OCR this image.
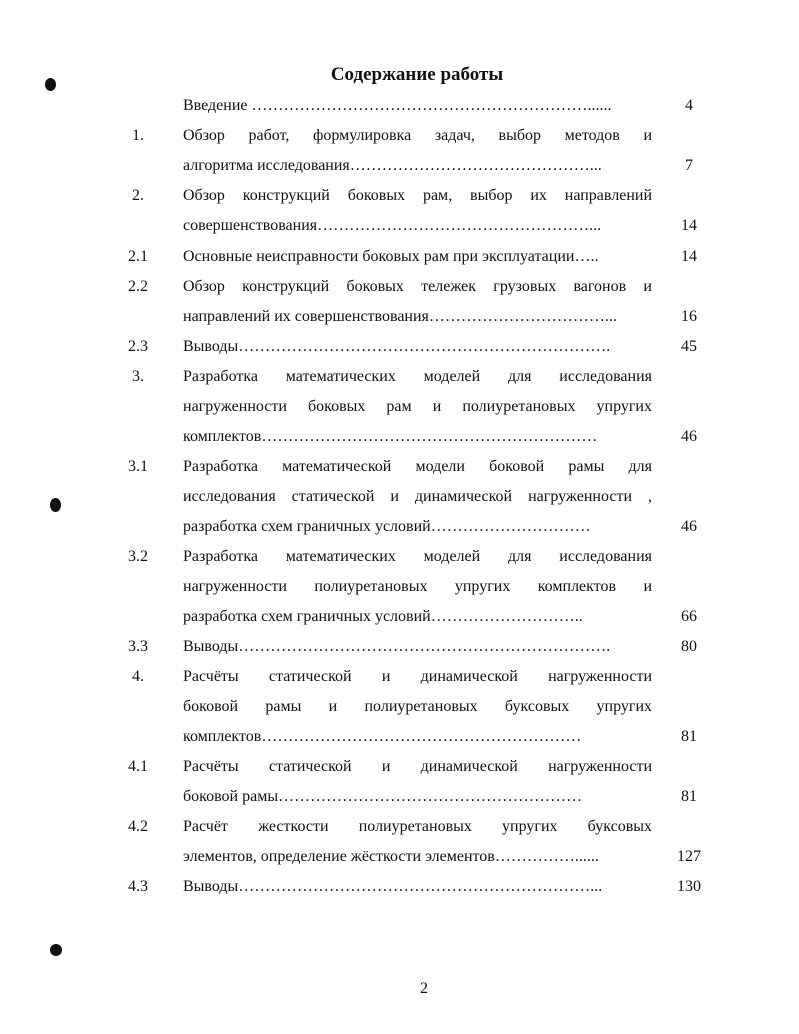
Содержание работы
Введение ………………………………………………………......	4
1.	Обзор работ, формулировка задач, выбор методов и
алгоритма исследования………………………………………...	7
2.	Обзор конструкций боковых рам, выбор их направлений
совершенствования……………………………………………...	14
2.1	Основные неисправности боковых рам при эксплуатации…..	14
2.2	Обзор конструкций боковых тележек грузовых вагонов и
направлений их совершенствования……………………………...	16
2.3	Выводы…………………………………………………………….	45
3.	Разработка математических моделей для исследования
нагруженности боковых рам и полиуретановых упругих
комплектов………………………………………………………	46
3.1	Разработка математической модели боковой рамы для
исследования статической и динамической нагруженности ,
разработка схем граничных условий…………………………	46
3.2	Разработка математических моделей для исследования
нагруженности полиуретановых упругих комплектов и
разработка схем граничных условий………………………..	66
3.3	Выводы…………………………………………………………….	80
4.	Расчёты статической и динамической нагруженности
боковой рамы и полиуретановых буксовых упругих
комплектов……………………………………………………	81
4.1	Расчёты статической и динамической нагруженности
боковой рамы…………………………………………………	81
4.2	Расчёт жесткости полиуретановых упругих буксовых
элементов, определение жёсткости элементов……………......	127
4.3	Выводы…………………………………………………………...	130
2
